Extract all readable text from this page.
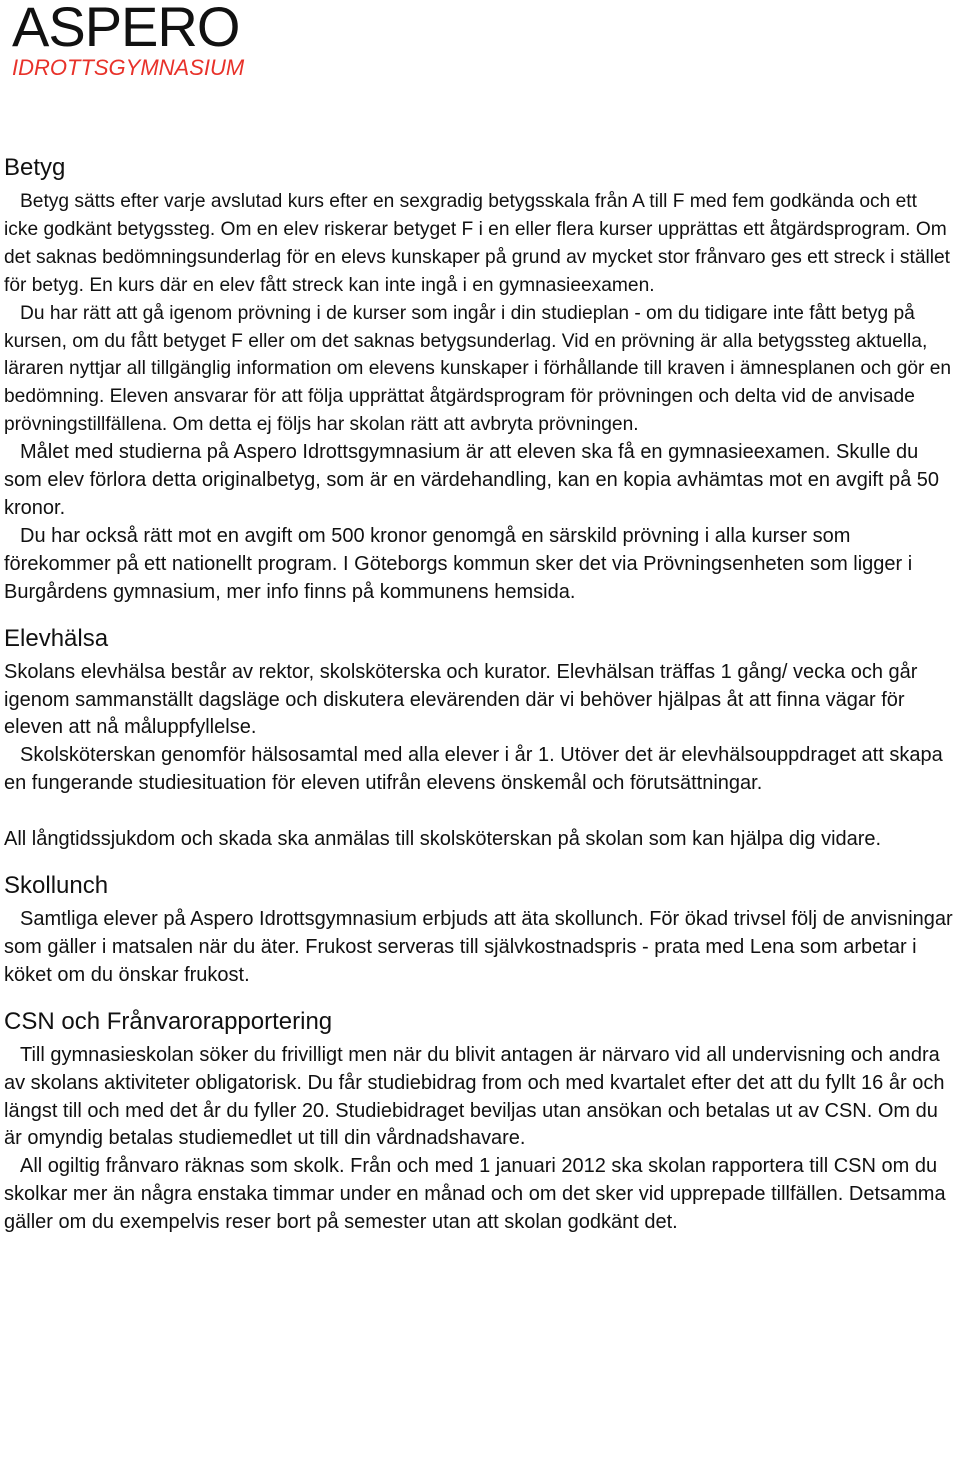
ASPERO
IDROTTSGYMNASIUM
Betyg

Betyg sätts efter varje avslutad kurs efter en sexgradig betygsskala från A till F med fem godkända och ett icke godkänt betygssteg. Om en elev riskerar betyget F i en eller flera kurser upprättas ett åtgärdsprogram. Om det saknas bedömningsunderlag för en elevs kunskaper på grund av mycket stor frånvaro ges ett streck i stället för betyg. En kurs där en elev fått streck kan inte ingå i en gymnasieexamen.

Du har rätt att gå igenom prövning i de kurser som ingår i din studieplan - om du tidigare inte fått betyg på kursen, om du fått betyget F eller om det saknas betygsunderlag. Vid en prövning är alla betygssteg aktuella, läraren nyttjar all tillgänglig information om elevens kunskaper i förhållande till kraven i ämnesplanen och gör en bedömning. Eleven ansvarar för att följa upprättat åtgärdsprogram för prövningen och delta vid de anvisade prövningstillfällena. Om detta ej följs har skolan rätt att avbryta prövningen.

Målet med studierna på Aspero Idrottsgymnasium är att eleven ska få en gymnasieexamen. Skulle du som elev förlora detta originalbetyg, som är en värdehandling, kan en kopia avhämtas mot en avgift på 50 kronor.

Du har också rätt mot en avgift om 500 kronor genomgå en särskild prövning i alla kurser som förekommer på ett nationellt program. I Göteborgs kommun sker det via Prövningsenheten som ligger i Burgårdens gymnasium, mer info finns på kommunens hemsida.

Elevhälsa

Skolans elevhälsa består av rektor, skolsköterska och kurator. Elevhälsan träffas 1 gång/ vecka och går igenom sammanställt dagsläge och diskutera elevärenden där vi behöver hjälpas åt att finna vägar för eleven att nå måluppfyllelse.

Skolsköterskan genomför hälsosamtal med alla elever i år 1. Utöver det är elevhälsouppdraget att skapa en fungerande studiesituation för eleven utifrån elevens önskemål och förutsättningar.

All långtidssjukdom och skada ska anmälas till skolsköterskan på skolan som kan hjälpa dig vidare.

Skollunch

Samtliga elever på Aspero Idrottsgymnasium erbjuds att äta skollunch. För ökad trivsel följ de anvisningar som gäller i matsalen när du äter. Frukost serveras till självkostnadspris - prata med Lena som arbetar i köket om du önskar frukost.

CSN och Frånvarorapportering

Till gymnasieskolan söker du frivilligt men när du blivit antagen är närvaro vid all undervisning och andra av skolans aktiviteter obligatorisk. Du får studiebidrag from och med kvartalet efter det att du fyllt 16 år och längst till och med det år du fyller 20. Studiebidraget beviljas utan ansökan och betalas ut av CSN. Om du är omyndig betalas studiemedlet ut till din vårdnadshavare.

All ogiltig frånvaro räknas som skolk. Från och med 1 januari 2012 ska skolan rapportera till CSN om du skolkar mer än några enstaka timmar under en månad och om det sker vid upprepade tillfällen. Detsamma gäller om du exempelvis reser bort på semester utan att skolan godkänt det.
